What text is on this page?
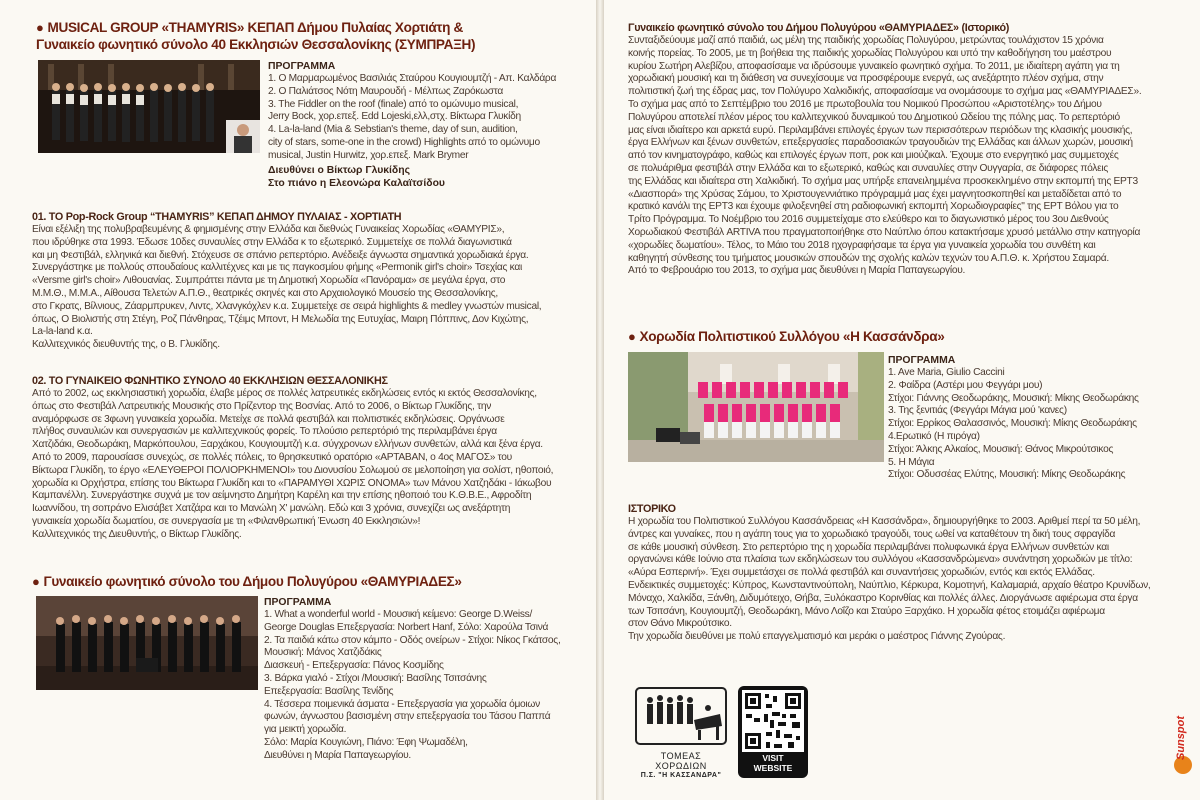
● MUSICAL GROUP «THAMYRIS» ΚΕΠΑΠ Δήμου Πυλαίας Χορτιάτη &
Γυναικείο φωνητικό σύνολο 40 Εκκλησιών Θεσσαλονίκης (ΣΥΜΠΡΑΞΗ)
ΠΡΟΓΡΑΜΜΑ
1. Ο Μαρμαρωμένος Βασιλιάς Σταύρου Κουγιουμτζή - Απ. Καλδάρα
2. Ο Παλιάτσος Νότη Μαυρουδή - Μέλπως Ζαρόκωστα
3. The Fiddler on the roof (finale) από το ομώνυμο musical,
Jerry Bock, χορ.επεξ. Edd Lojeski,ελλ,στχ. Βίκτωρα Γλυκίδη
4. La-la-land (Mia & Sebstian's theme, day of sun, audition,
city of stars, some-one in the crowd) Highlights από το ομώνυμο
musical, Justin Hurwitz, χορ.επεξ. Mark Brymer
Διευθύνει ο Βίκτωρ Γλυκίδης
Στο πιάνο η Ελεονώρα Καλαϊτσίδου
01. ΤΟ Pop-Rock Group “THAMYRIS” ΚΕΠΑΠ ΔΗΜΟΥ ΠΥΛΑΙΑΣ - ΧΟΡΤΙΑΤΗ
Είναι εξέλιξη της πολυβραβευμένης & φημισμένης στην Ελλάδα και διεθνώς Γυναικείας Χορωδίας «ΘΑΜΥΡΙΣ»,
που ιδρύθηκε στα 1993. Έδωσε 10δες συναυλίες στην Ελλάδα κ το εξωτερικό. Συμμετείχε σε πολλά διαγωνιστικά
και μη Φεστιβάλ, ελληνικά και διεθνή. Στόχευσε σε σπάνιο ρεπερτόριο. Ανέδειξε άγνωστα σημαντικά χορωδιακά έργα.
Συνεργάστηκε με πολλούς σπουδαίους καλλιτέχνες και με τις παγκοσμίου φήμης «Permonik girl's choir» Τσεχίας και
«Versme girl's choir» Λιθουανίας. Συμπράττει πάντα με τη Δημοτική Χορωδία «Πανόραμα» σε μεγάλα έργα, στο
Μ.Μ.Θ., Μ.Μ.Α., Αίθουσα Τελετών Α.Π.Θ., θεατρικές σκηνές και στο Αρχαιολογικό Μουσείο της Θεσσαλονίκης,
στο Γκρατς, Βίλνιους, Ζάαρμπρυκεν, Λιντς, Χλανγκόχλεν κ.α. Συμμετείχε σε σειρά highlights & medley γνωστών musical,
όπως, Ο Βιολιστής στη Στέγη, Ροζ Πάνθηρας, Τζέιμς Μποντ, Η Μελωδία της Ευτυχίας, Μαιρη Πόππινς, Δον Κιχώτης,
La-la-land κ.α.
Καλλιτεχνικός διευθυντής της, ο Β. Γλυκίδης.
02. ΤΟ ΓΥΝΑΙΚΕΙΟ ΦΩΝΗΤΙΚΟ ΣΥΝΟΛΟ 40 ΕΚΚΛΗΣΙΩΝ ΘΕΣΣΑΛΟΝΙΚΗΣ
Από το 2002, ως εκκλησιαστική χορωδία, έλαβε μέρος σε πολλές λατρευτικές εκδηλώσεις εντός κι εκτός Θεσσαλονίκης,
όπως στο Φεστιβάλ Λατρευτικής Μουσικής στο Πρίζεντορ της Βοσνίας. Από το 2006, ο Βίκτωρ Γλυκίδης, την
αναμόρφωσε σε 3φωνη γυναικεία χορωδία. Μετείχε σε πολλά φεστιβάλ και πολιτιστικές εκδηλώσεις. Οργάνωσε
πλήθος συναυλιών και συνεργασιών με καλλιτεχνικούς φορείς. Το πλούσιο ρεπερτόριό της περιλαμβάνει έργα
Χατζιδάκι, Θεοδωράκη, Μαρκόπουλου, Ξαρχάκου, Κουγιουμτζή κ.α. σύγχρονων ελλήνων συνθετών, αλλά και ξένα έργα.
Από το 2009, παρουσίασε συνεχώς, σε πολλές πόλεις, το θρησκευτικό ορατόριο «ΑΡΤΑΒΑΝ, ο 4ος ΜΑΓΟΣ» του
Βίκτωρα Γλυκίδη, το έργο «ΕΛΕΥΘΕΡΟΙ ΠΟΛΙΟΡΚΗΜΕΝΟΙ» του Διονυσίου Σολωμού σε μελοποίηση για σολίστ, ηθοποιό,
χορωδία κι Ορχήστρα, επίσης του Βίκτωρα Γλυκίδη και το «ΠΑΡΑΜΥΘΙ ΧΩΡΙΣ ΟΝΟΜΑ» των Μάνου Χατζηδάκι - Ιάκωβου
Καμπανέλλη. Συνεργάστηκε συχνά με τον αείμνηστο Δημήτρη Καρέλη και την επίσης ηθοποιό του Κ.Θ.Β.Ε., Αφροδίτη
Ιωαννίδου, τη σοπράνο Ελισάβετ Χατζάρα και το Μανώλη Χ' μανώλη. Εδώ και 3 χρόνια, συνεχίζει ως ανεξάρτητη
γυναικεία χορωδία δωματίου, σε συνεργασία με τη «Φιλανθρωπική Ένωση 40 Εκκλησιών»!
Καλλιτεχνικός της Διευθυντής, ο Βίκτωρ Γλυκίδης.
● Γυναικείο φωνητικό σύνολο του Δήμου Πολυγύρου «ΘΑΜΥΡΙΑΔΕΣ»
ΠΡΟΓΡΑΜΜΑ
1. What a wonderful world - Μουσική κείμενο: George D.Weiss/
George Douglas Επεξεργασία: Norbert Hanf, Σόλο: Χαρούλα Τσινά
2. Τα παιδιά κάτω στον κάμπο - Οδός ονείρων - Στίχοι: Νίκος Γκάτσος,
Μουσική: Μάνος Χατζιδάκις
Διασκευή - Επεξεργασία: Πάνος Κοσμίδης
3. Βάρκα γιαλό - Στίχοι /Μουσική: Βασίλης Τσιτσάνης
Επεξεργασία: Βασίλης Τενίδης
4. Τέσσερα ποιμενικά άσματα - Επεξεργασία για χορωδία όμοιων
φωνών, άγνωστου βασισμένη στην επεξεργασία του Τάσου Παππά
για μεικτή χορωδία.
Σόλο: Μαρία Κουγιώνη, Πιάνο: Έφη Ψωμαδέλη,
Διευθύνει η Μαρία Παπαγεωργίου.
Γυναικείο φωνητικό σύνολο του Δήμου Πολυγύρου «ΘΑΜΥΡΙΑΔΕΣ» (Ιστορικό)
Συνταξιδεύουμε μαζί από παιδιά, ως μέλη της παιδικής χορωδίας Πολυγύρου, μετρώντας τουλάχιστον 15 χρόνια
κοινής πορείας. Το 2005, με τη βοήθεια της παιδικής χορωδίας Πολυγύρου και υπό την καθοδήγηση του μαέστρου
κυρίου Σωτήρη Αλεβίζου, αποφασίσαμε να ιδρύσουμε γυναικείο φωνητικό σχήμα. Το 2011, με ιδιαίτερη αγάπη για τη
χορωδιακή μουσική και τη διάθεση να συνεχίσουμε να προσφέρουμε ενεργά, ως ανεξάρτητο πλέον σχήμα, στην
πολιτιστική ζωή της έδρας μας, τον Πολύγυρο Χαλκιδικής, αποφασίσαμε να ονομάσουμε το σχήμα μας «ΘΑΜΥΡΙΑΔΕΣ».
Το σχήμα μας από το Σεπτέμβριο του 2016 με πρωτοβουλία του Νομικού Προσώπου «Αριστοτέλης» του Δήμου
Πολυγύρου αποτελεί πλέον μέρος του καλλιτεχνικού δυναμικού του Δημοτικού Ωδείου της πόλης μας. Το ρεπερτόριό
μας είναι ιδιαίτερο και αρκετά ευρύ. Περιλαμβάνει επιλογές έργων των περισσότερων περιόδων της κλασικής μουσικής,
έργα Ελλήνων και ξένων συνθετών, επεξεργασίες παραδοσιακών τραγουδιών της Ελλάδας και άλλων χωρών, μουσική
από τον κινηματογράφο, καθώς και επιλογές έργων ποπ, ροκ και μιούζικαλ. Έχουμε στο ενεργητικό μας συμμετοχές
σε πολυάριθμα φεστιβάλ στην Ελλάδα και το εξωτερικό, καθώς και συναυλίες στην Ουγγαρία, σε διάφορες πόλεις
της Ελλάδας και ιδιαίτερα στη Χαλκιδική. Το σχήμα μας υπήρξε επανειλημμένα προσκεκλημένο στην εκπομπή της ΕΡΤ3
«Διασπορά» της Χρύσας Σάμου, το Χριστουγεννιάτικο πρόγραμμά μας έχει μαγνητοσκοπηθεί και μεταδίδεται από το
κρατικό κανάλι της ΕΡΤ3 και έχουμε φιλοξενηθεί στη ραδιοφωνική εκπομπή Χορωδιογραφίες" της ΕΡΤ Βόλου για το
Τρίτο Πρόγραμμα. Το Νοέμβριο του 2016 συμμετείχαμε στο ελεύθερο και το διαγωνιστικό μέρος του 3ου Διεθνούς
Χορωδιακού Φεστιβάλ ARTIVA που πραγματοποιήθηκε στο Ναύπλιο όπου κατακτήσαμε χρυσό μετάλλιο στην κατηγορία
«χορωδίες δωματίου». Τέλος, το Μάιο του 2018 ηχογραφήσαμε τα έργα για γυναικεία χορωδία του συνθέτη και
καθηγητή σύνθεσης του τμήματος μουσικών σπουδών της σχολής καλών τεχνών του Α.Π.Θ. κ. Χρήστου Σαμαρά.
Από το Φεβρουάριο του 2013, το σχήμα μας διευθύνει η Μαρία Παπαγεωργίου.
● Χορωδία Πολιτιστικού Συλλόγου «Η Κασσάνδρα»
ΠΡΟΓΡΑΜΜΑ
1. Ave Maria, Giulio Caccini
2. Φαίδρα (Αστέρι μου Φεγγάρι μου)
Στίχοι: Γιάννης Θεοδωράκης, Μουσική: Μίκης Θεοδωράκης
3. Της ξενιτιάς (Φεγγάρι Μάγια μού 'κανες)
Στίχοι: Ερρίκος Θαλασσινός, Μουσική: Μίκης Θεοδωράκης
4.Ερωτικό (Η πιρόγα)
Στίχοι: Άλκης Αλκαίος, Μουσική: Θάνος Μικρούτσικος
5. Η Μάγια
Στίχοι: Οδυσσέας Ελύτης, Μουσική: Μίκης Θεοδωράκης
ΙΣΤΟΡΙΚΟ
Η χορωδία του Πολιτιστικού Συλλόγου Κασσάνδρειας «Η Κασσάνδρα», δημιουργήθηκε το 2003. Αριθμεί περί τα 50 μέλη,
άντρες και γυναίκες, που η αγάπη τους για το χορωδιακό τραγούδι, τους ωθεί να καταθέτουν τη δική τους σφραγίδα
σε κάθε μουσική σύνθεση. Στο ρεπερτόριο της η χορωδία περιλαμβάνει πολυφωνικά έργα Ελλήνων συνθετών και
οργανώνει κάθε Ιούνιο στα πλαίσια των εκδηλώσεων του συλλόγου «Κασσανδρώμενα» συνάντηση χορωδιών με τίτλο:
«Αύρα Εσπερινή». Έχει συμμετάσχει σε πολλά φεστιβάλ και συναντήσεις χορωδιών, εντός και εκτός Ελλάδας.
Ενδεικτικές συμμετοχές: Κύπρος, Κωνσταντινούπολη, Ναύπλιο, Κέρκυρα, Κομοτηνή, Καλαμαριά, αρχαίο θέατρο Κρυνίδων,
Μόναχο, Χαλκίδα, Ξάνθη, Διδυμότειχο, Θήβα, Ξυλόκαστρο Κορινθίας και πολλές άλλες. Διοργάνωσε αφιέρωμα στα έργα
των Τσιτσάνη, Κουγιουμτζή, Θεοδωράκη, Μάνο Λοΐζο και Σταύρο Ξαρχάκο. Η χορωδία φέτος ετοιμάζει αφιέρωμα
στον Θάνο Μικρούτσικο.
Την χορωδία διευθύνει με πολύ επαγγελματισμό και μεράκι ο μαέστρος Γιάννης Ζγούρας.
ΤΟΜΕΑΣ
ΧΟΡΩΔΙΩΝ
Π.Σ. "Η ΚΑΣΣΑΝΔΡΑ"
VISIT
WEBSITE
Sunspot
